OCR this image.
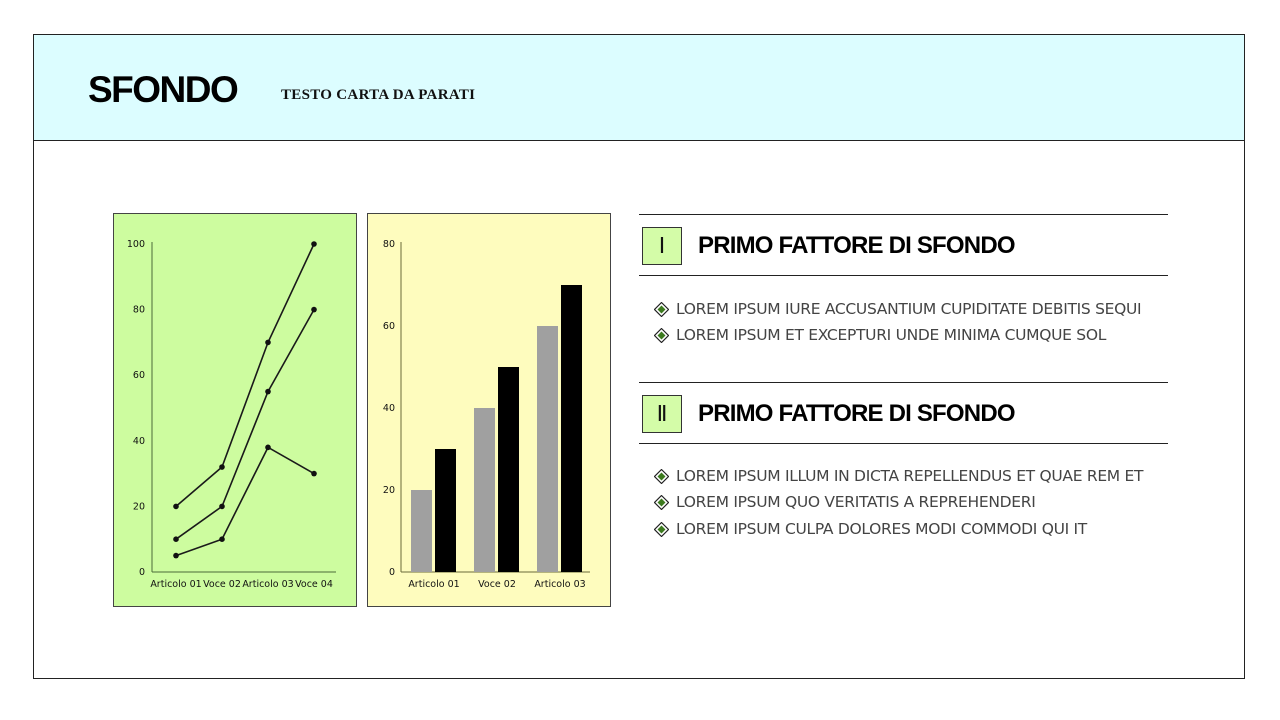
SFONDO	TESTO CARTA DA PARATI
0
20
40
60
80
100
Articolo 01 Voce 02 Articolo 03 Voce 04
0
20
40
60
80
Articolo 01 Voce 02 Articolo 03
Ⅰ	PRIMO FATTORE DI SFONDO
LOREM IPSUM IURE ACCUSANTIUM CUPIDITATE DEBITIS SEQUI
LOREM IPSUM ET EXCEPTURI UNDE MINIMA CUMQUE SOL
Ⅱ	PRIMO FATTORE DI SFONDO
LOREM IPSUM ILLUM IN DICTA REPELLENDUS ET QUAE REM ET
LOREM IPSUM QUO VERITATIS A REPREHENDERI
LOREM IPSUM CULPA DOLORES MODI COMMODI QUI IT
